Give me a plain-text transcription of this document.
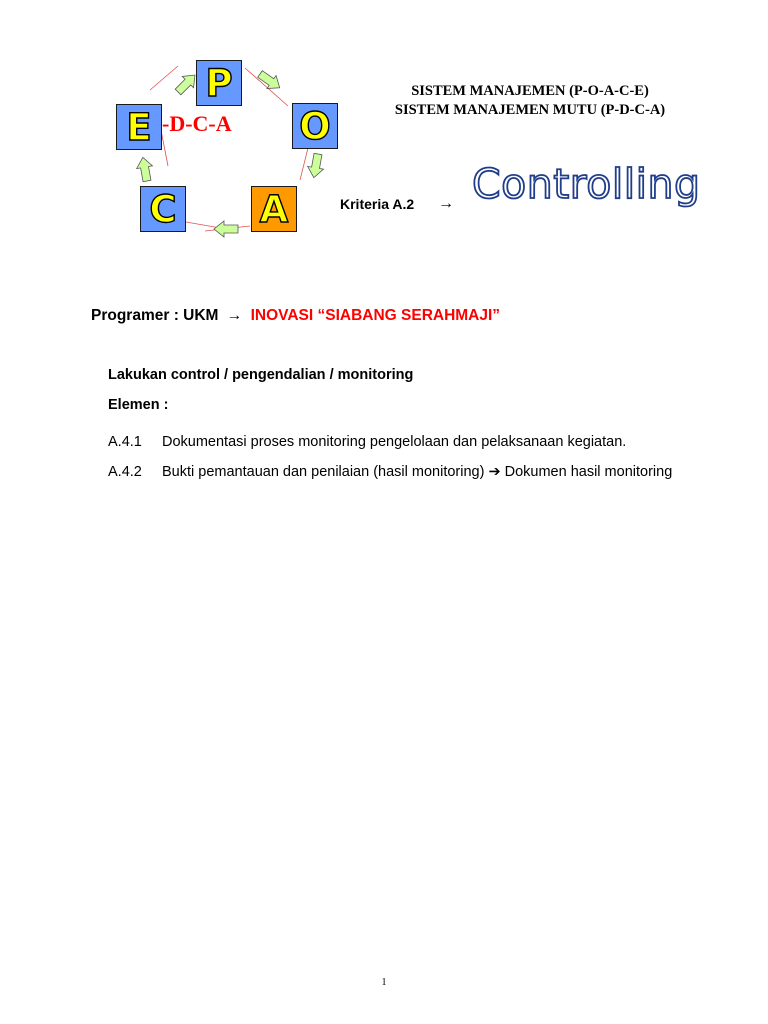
P
O
A
C
E -D-C-A
SISTEM MANAJEMEN (P-O-A-C-E)
SISTEM MANAJEMEN MUTU (P-D-C-A)
Kriteria A.2 → Controlling
Programer : UKM → INOVASI “SIABANG SERAHMAJI”
Lakukan control / pengendalian / monitoring
Elemen :
A.4.1 Dokumentasi proses monitoring pengelolaan dan pelaksanaan kegiatan.
A.4.2 Bukti pemantauan dan penilaian (hasil monitoring) ➔ Dokumen hasil monitoring
1
